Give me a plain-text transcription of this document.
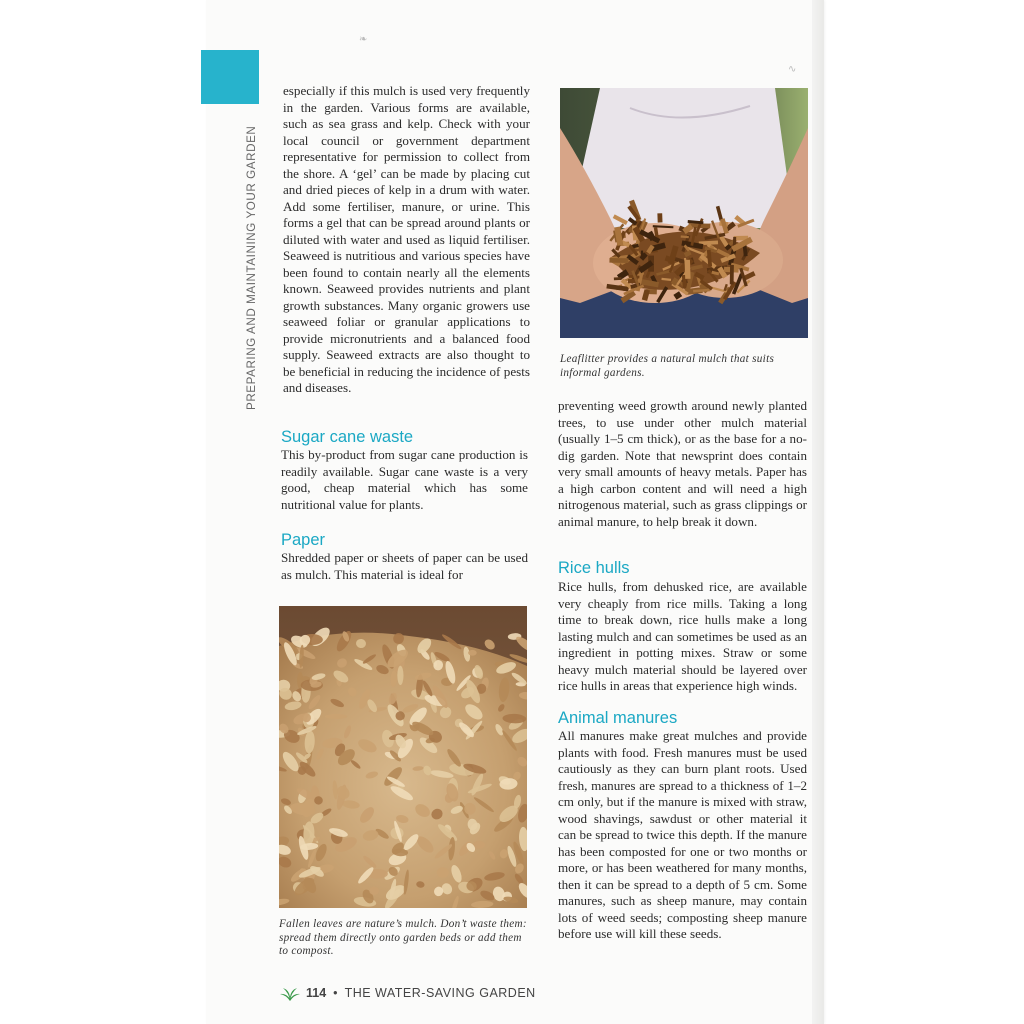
PREPARING AND MAINTAINING YOUR GARDEN
❧
∿

especially if this mulch is used very frequently in the garden. Various forms are available, such as sea grass and kelp. Check with your local council or government department representative for permission to collect from the shore. A ‘gel’ can be made by placing cut and dried pieces of kelp in a drum with water. Add some fertiliser, manure, or urine. This forms a gel that can be spread around plants or diluted with water and used as liquid fertiliser. Seaweed is nutritious and various species have been found to contain nearly all the elements known. Seaweed provides nutrients and plant growth substances. Many organic growers use seaweed foliar or granular applications to provide micronutrients and a balanced food supply. Seaweed extracts are also thought to be beneficial in reducing the incidence of pests and diseases.

Sugar cane waste

This by-product from sugar cane production is readily available. Sugar cane waste is a very good, cheap material which has some nutritional value for plants.

Paper

Shredded paper or sheets of paper can be used as mulch. This material is ideal for

Fallen leaves are nature’s mulch. Don’t waste them: spread them directly onto garden beds or add them to compost.

Leaflitter provides a natural mulch that suits informal gardens.

preventing weed growth around newly planted trees, to use under other mulch material (usually 1–5 cm thick), or as the base for a no-dig garden. Note that newsprint does contain very small amounts of heavy metals. Paper has a high carbon content and will need a high nitrogenous material, such as grass clippings or animal manure, to help break it down.

Rice hulls

Rice hulls, from dehusked rice, are available very cheaply from rice mills. Taking a long time to break down, rice hulls make a long lasting mulch and can sometimes be used as an ingredient in potting mixes. Straw or some heavy mulch material should be layered over rice hulls in areas that experience high winds.

Animal manures

All manures make great mulches and provide plants with food. Fresh manures must be used cautiously as they can burn plant roots. Used fresh, manures are spread to a thickness of 1–2 cm only, but if the manure is mixed with straw, wood shavings, sawdust or other material it can be spread to twice this depth. If the manure has been composted for one or two months or more, or has been weathered for many months, then it can be spread to a depth of 5 cm. Some manures, such as sheep manure, may contain lots of weed seeds; composting sheep manure before use will kill these seeds.

114 • THE WATER-SAVING GARDEN
